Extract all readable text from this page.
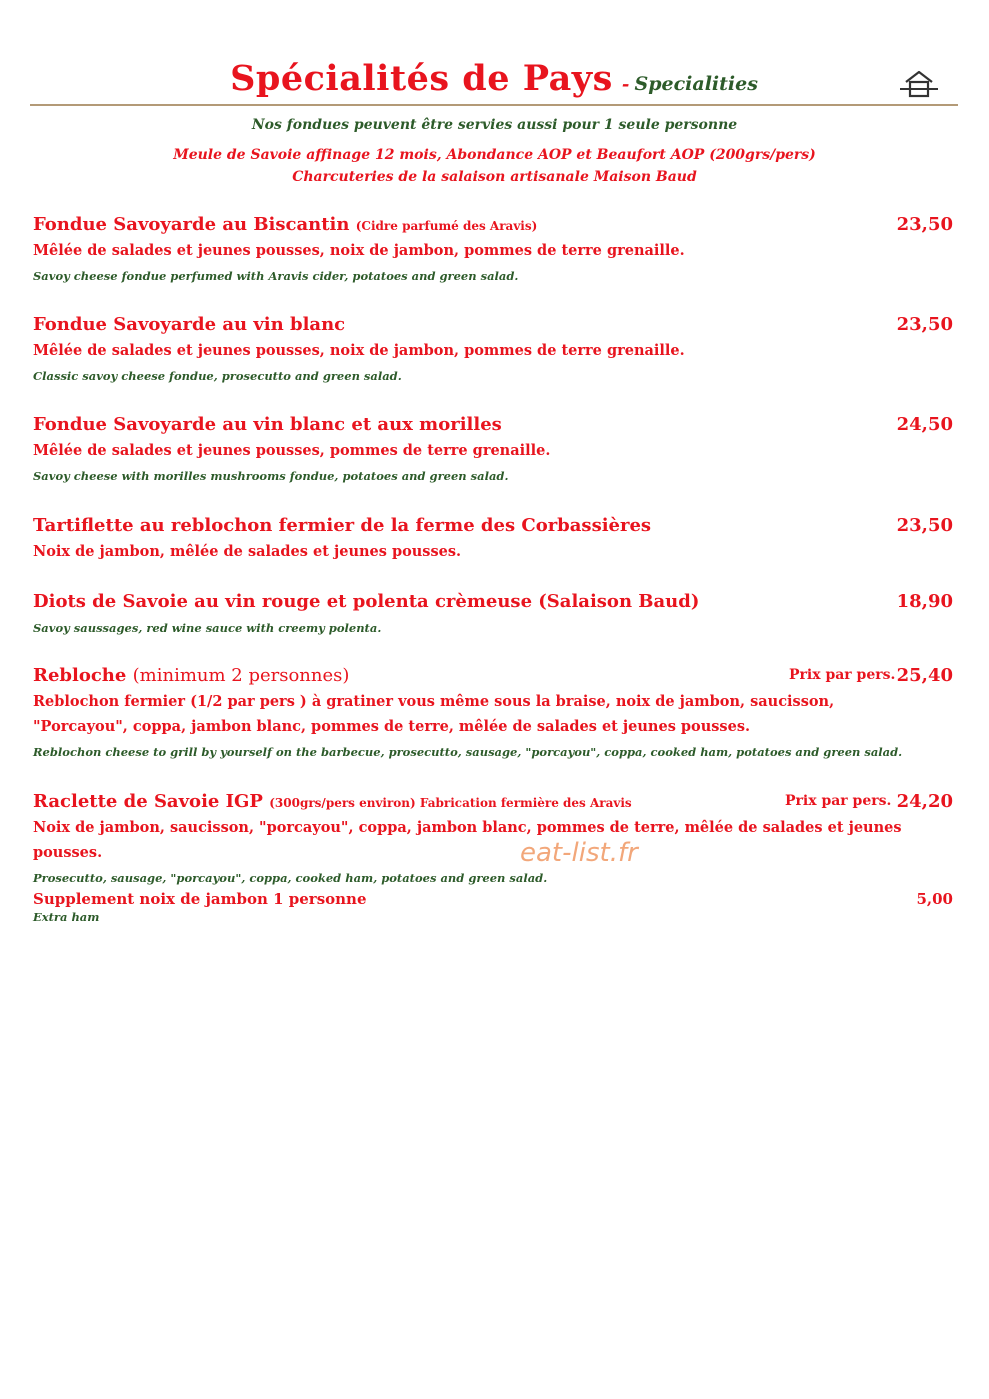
Spécialités de Pays - Specialities
Nos fondues peuvent être servies aussi pour 1 seule personne
Meule de Savoie affinage 12 mois, Abondance AOP et Beaufort AOP (200grs/pers)
Charcuteries de la salaison artisanale Maison Baud
Fondue Savoyarde au Biscantin (Cidre parfumé des Aravis)	23,50
Mêlée de salades et jeunes pousses, noix de jambon, pommes de terre grenaille.
Savoy cheese fondue perfumed with Aravis cider, potatoes and green salad.
Fondue Savoyarde au vin blanc	23,50
Mêlée de salades et jeunes pousses, noix de jambon, pommes de terre grenaille.
Classic savoy cheese fondue, prosecutto and green salad.
Fondue Savoyarde au vin blanc et aux morilles	24,50
Mêlée de salades et jeunes pousses, pommes de terre grenaille.
Savoy cheese with morilles mushrooms fondue, potatoes and green salad.
Tartiflette au reblochon fermier de la ferme des Corbassières	23,50
Noix de jambon, mêlée de salades et jeunes pousses.
Diots de Savoie au vin rouge et polenta crèmeuse (Salaison Baud)	18,90
Savoy saussages, red wine sauce with creemy polenta.
Rebloche (minimum 2 personnes)	Prix par pers. 25,40
Reblochon fermier (1/2 par pers ) à gratiner vous même sous la braise, noix de jambon, saucisson,
"Porcayou", coppa, jambon blanc, pommes de terre, mêlée de salades et jeunes pousses.
Reblochon cheese to grill by yourself on the barbecue, prosecutto, sausage, "porcayou", coppa, cooked ham, potatoes and green salad.
Raclette de Savoie IGP (300grs/pers environ) Fabrication fermière des Aravis	Prix par pers. 24,20
Noix de jambon, saucisson, "porcayou", coppa, jambon blanc, pommes de terre, mêlée de salades et jeunes pousses.
Prosecutto, sausage, "porcayou", coppa, cooked ham, potatoes and green salad.
eat-list.fr
Supplement noix de jambon 1 personne	5,00
Extra ham
